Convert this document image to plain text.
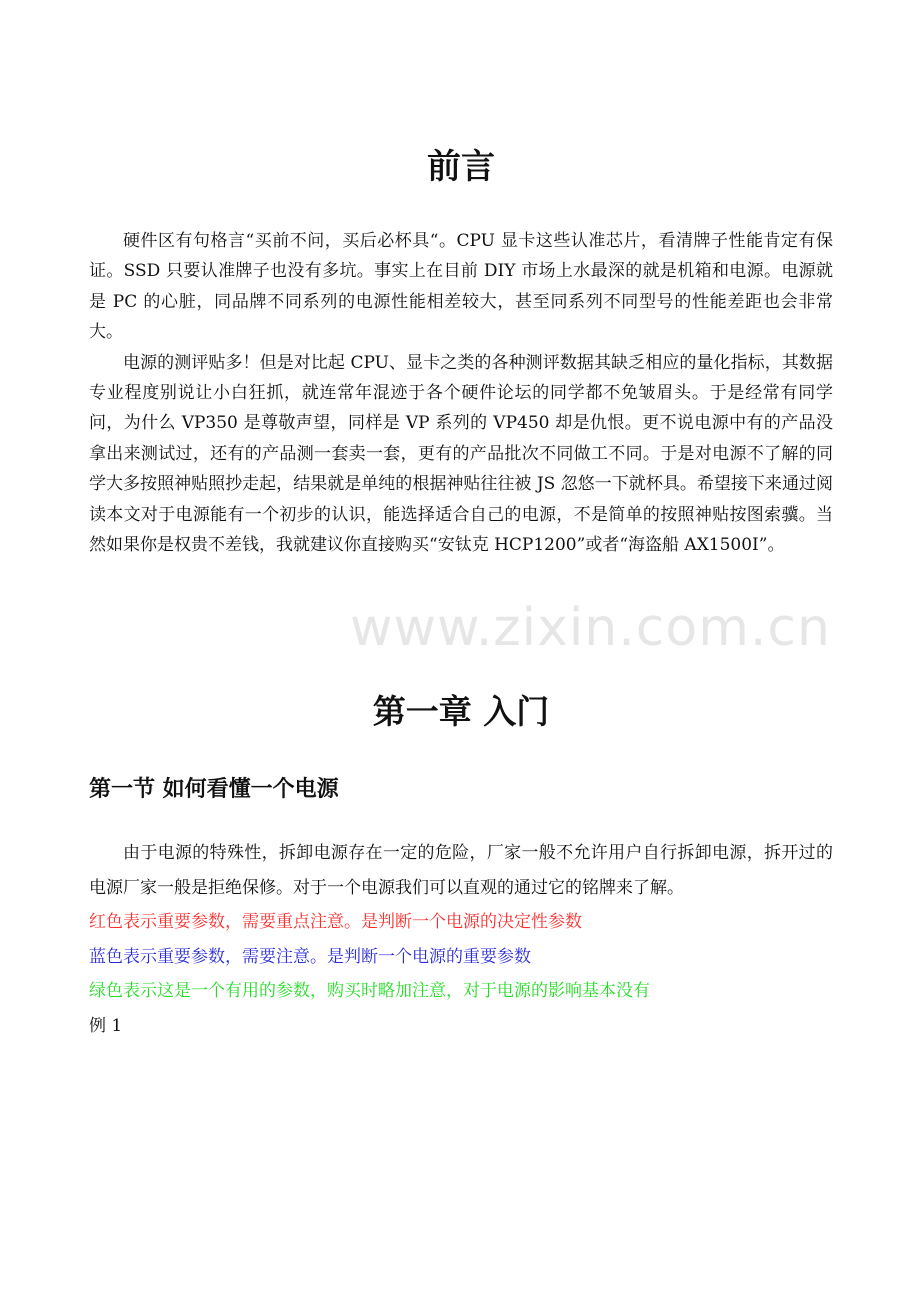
www.zixin.com.cn
前言

硬件区有句格言“买前不问，买后必杯具“。CPU 显卡这些认准芯片，看清牌子性能肯定有保证。SSD 只要认准牌子也没有多坑。事实上在目前 DIY 市场上水最深的就是机箱和电源。电源就是 PC 的心脏，同品牌不同系列的电源性能相差较大，甚至同系列不同型号的性能差距也会非常大。

电源的测评贴多！但是对比起 CPU、显卡之类的各种测评数据其缺乏相应的量化指标，其数据专业程度别说让小白狂抓，就连常年混迹于各个硬件论坛的同学都不免皱眉头。于是经常有同学问，为什么 VP350 是尊敬声望，同样是 VP 系列的 VP450 却是仇恨。更不说电源中有的产品没拿出来测试过，还有的产品测一套卖一套，更有的产品批次不同做工不同。于是对电源不了解的同学大多按照神贴照抄走起，结果就是单纯的根据神贴往往被 JS 忽悠一下就杯具。希望接下来通过阅读本文对于电源能有一个初步的认识，能选择适合自己的电源，不是简单的按照神贴按图索骥。当然如果你是权贵不差钱，我就建议你直接购买“安钛克 HCP1200”或者“海盗船 AX1500I”。

第一章 入门
第一节 如何看懂一个电源

由于电源的特殊性，拆卸电源存在一定的危险，厂家一般不允许用户自行拆卸电源，拆开过的电源厂家一般是拒绝保修。对于一个电源我们可以直观的通过它的铭牌来了解。

红色表示重要参数，需要重点注意。是判断一个电源的决定性参数

蓝色表示重要参数，需要注意。是判断一个电源的重要参数

绿色表示这是一个有用的参数，购买时略加注意，对于电源的影响基本没有

例 1
